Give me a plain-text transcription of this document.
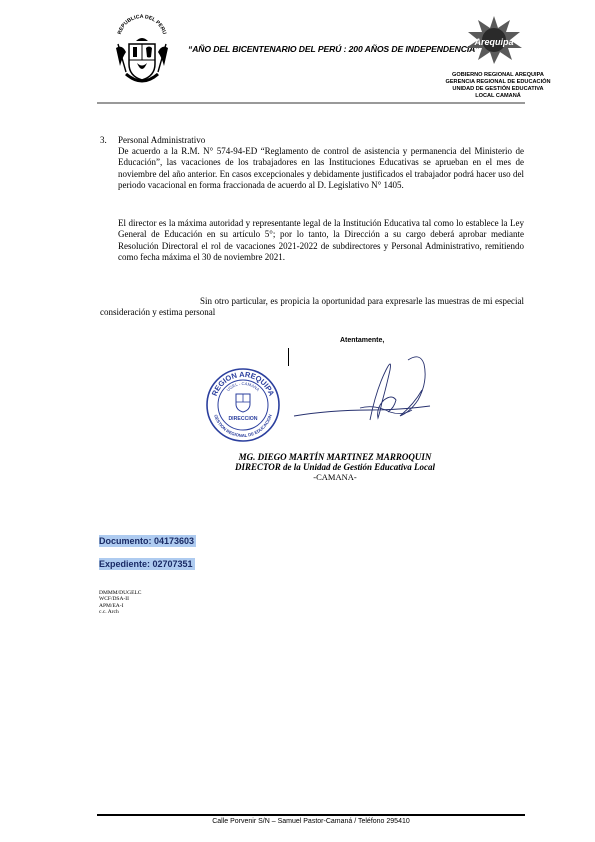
REPUBLICA DEL PERU
“AÑO DEL BICENTENARIO DEL PERÚ : 200 AÑOS DE INDEPENDENCIA”
Arequipa
GOBIERNO REGIONAL AREQUIPA
GERENCIA REGIONAL DE EDUCACIÓN
UNIDAD DE GESTIÓN EDUCATIVA
LOCAL CAMANÁ
3. Personal Administrativo
De acuerdo a la R.M. N° 574-94-ED “Reglamento de control de asistencia y permanencia del Ministerio de Educación”, las vacaciones de los trabajadores en las Instituciones Educativas se aprueban en el mes de noviembre del año anterior. En casos excepcionales y debidamente justificados el trabajador podrá hacer uso del periodo vacacional en forma fraccionada de acuerdo al D. Legislativo N° 1405.
El director es la máxima autoridad y representante legal de la Institución Educativa tal como lo establece la Ley General de Educación en su artículo 5°; por lo tanto, la Dirección a su cargo deberá aprobar mediante Resolución Directoral el rol de vacaciones 2021-2022 de subdirectores y Personal Administrativo, remitiendo como fecha máxima el 30 de noviembre 2021.
Sin otro particular, es propicia la oportunidad para expresarle las muestras de mi especial consideración y estima personal
Atentamente,
REGION AREQUIPA
UGEL - CAMANA
GESTION REGIONAL DE EDUCACION
DIRECCION
MG. DIEGO MARTÍN MARTINEZ MARROQUIN
DIRECTOR de la Unidad de Gestión Educativa Local
-CAMANA-
Documento: 04173603
Expediente: 02707351
DMMM/DUGELC
WCF/DSA-II
APM/EA-I
c.c. Arch
Calle Porvenir S/N – Samuel Pastor-Camaná / Teléfono 295410
